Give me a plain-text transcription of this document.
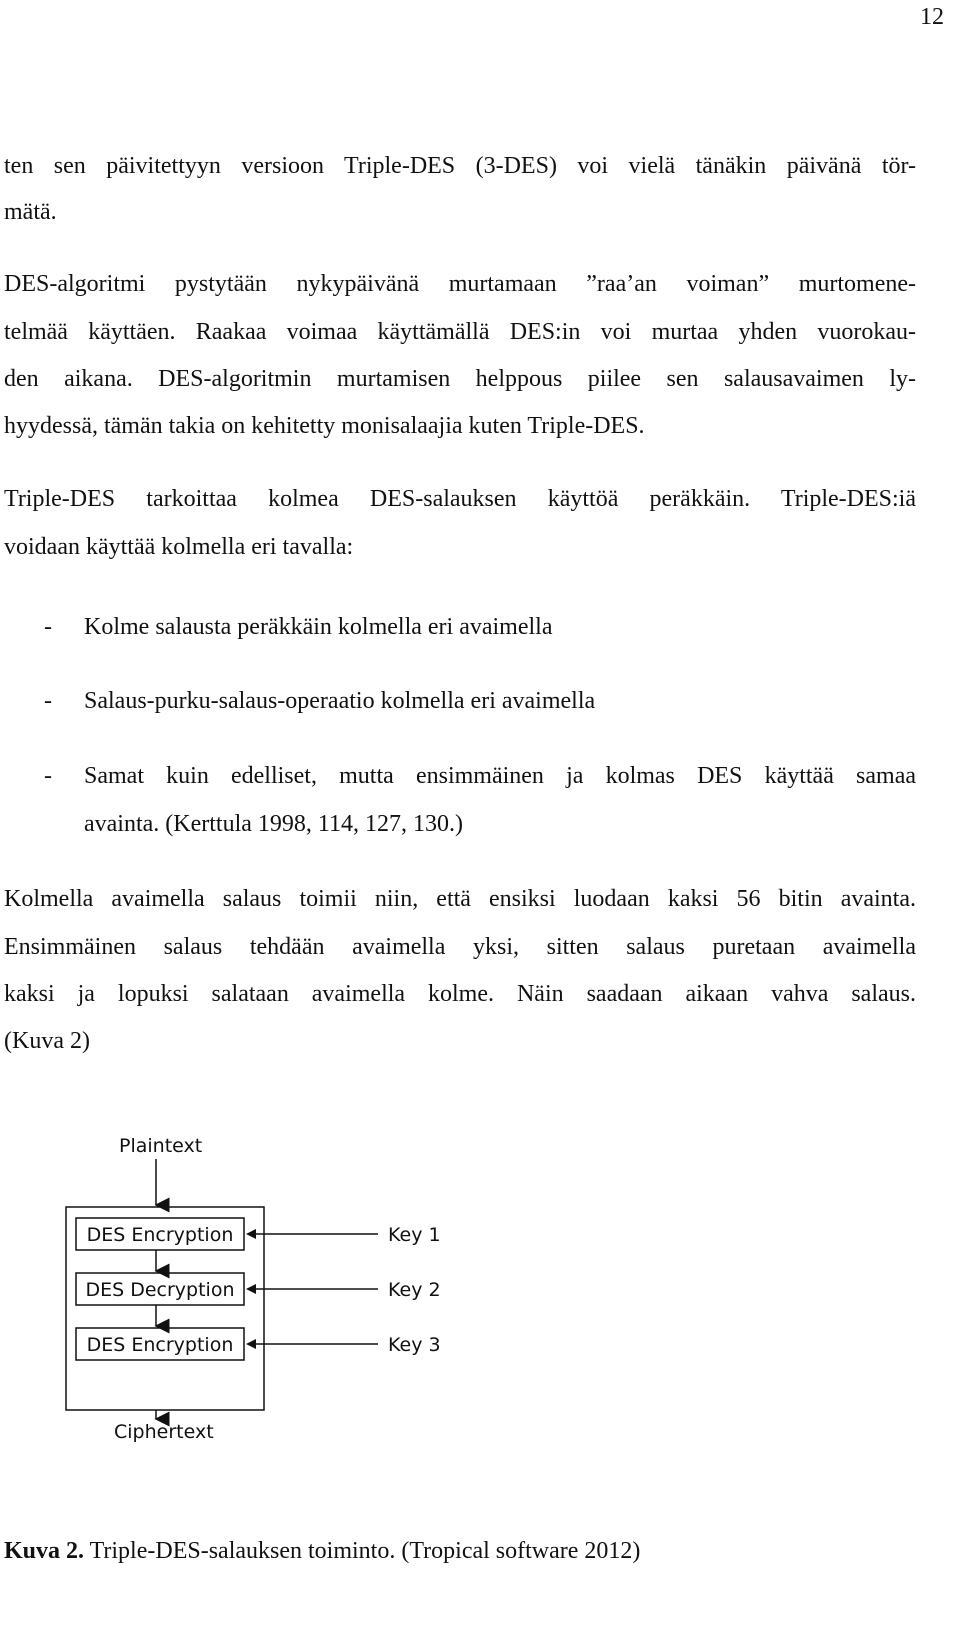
12
ten sen päivitettyyn versioon Triple-DES (3-DES) voi vielä tänäkin päivänä tör-
mätä.
DES-algoritmi pystytään nykypäivänä murtamaan ”raa’an voiman” murtomene-
telmää käyttäen. Raakaa voimaa käyttämällä DES:in voi murtaa yhden vuorokau-
den aikana. DES-algoritmin murtamisen helppous piilee sen salausavaimen ly-
hyydessä, tämän takia on kehitetty monisalaajia kuten Triple-DES.
Triple-DES tarkoittaa kolmea DES-salauksen käyttöä peräkkäin. Triple-DES:iä
voidaan käyttää kolmella eri tavalla:
- Kolme salausta peräkkäin kolmella eri avaimella
- Salaus-purku-salaus-operaatio kolmella eri avaimella
- Samat kuin edelliset, mutta ensimmäinen ja kolmas DES käyttää samaa
avainta. (Kerttula 1998, 114, 127, 130.)
Kolmella avaimella salaus toimii niin, että ensiksi luodaan kaksi 56 bitin avainta.
Ensimmäinen salaus tehdään avaimella yksi, sitten salaus puretaan avaimella
kaksi ja lopuksi salataan avaimella kolme. Näin saadaan aikaan vahva salaus.
(Kuva 2)
Plaintext
DES Encryption
DES Decryption
DES Encryption
Ciphertext
Key 1
Key 2
Key 3
Kuva 2. Triple-DES-salauksen toiminto. (Tropical software 2012)
